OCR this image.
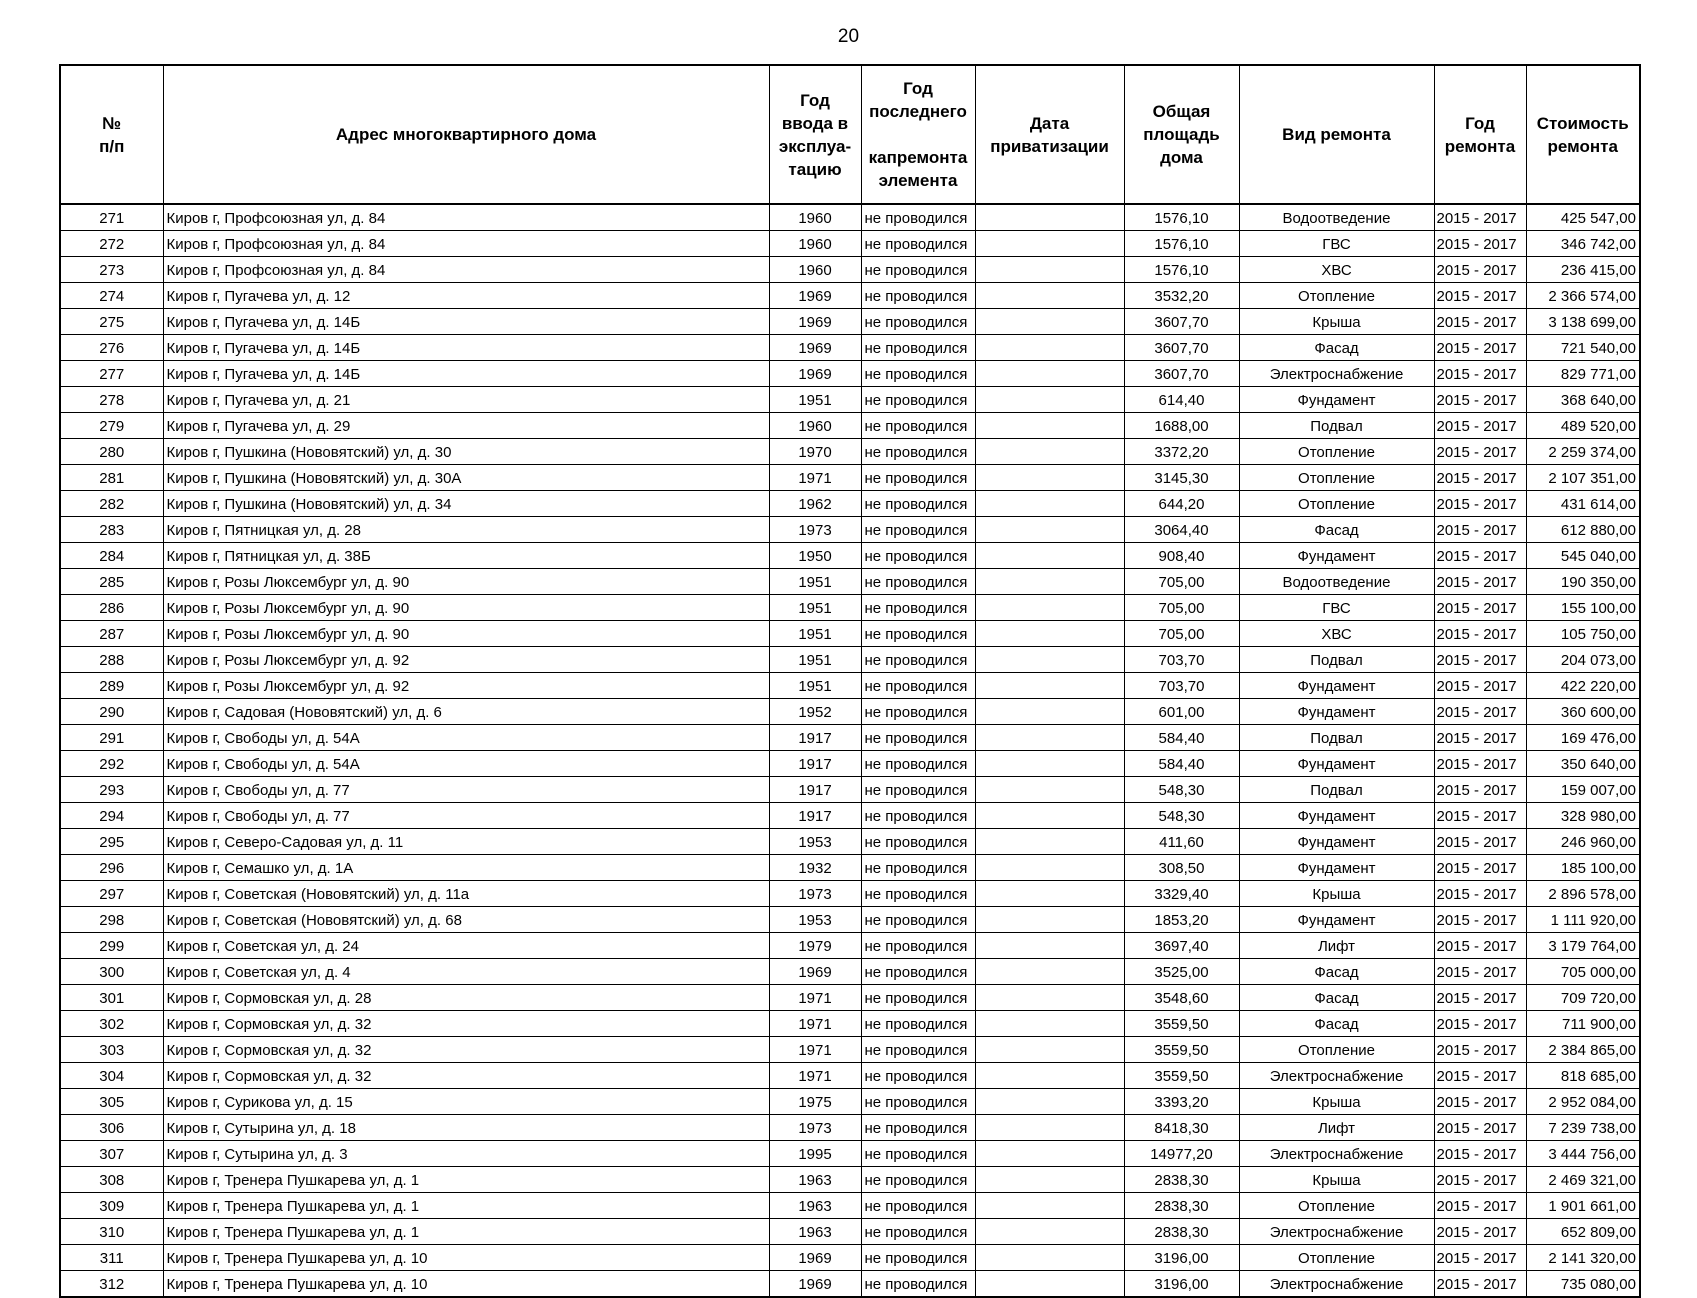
20
№
п/п	Адрес многоквартирного дома	Год
ввода в
эксплуа-
тацию	Год
последнего
капремонта
элемента	Дата
приватизации	Общая
площадь
дома	Вид ремонта	Год
ремонта	Стоимость
ремонта

271	Киров г, Профсоюзная ул, д. 84	1960	не проводился		1576,10	Водоотведение	2015 - 2017	425 547,00
272	Киров г, Профсоюзная ул, д. 84	1960	не проводился		1576,10	ГВС	2015 - 2017	346 742,00
273	Киров г, Профсоюзная ул, д. 84	1960	не проводился		1576,10	ХВС	2015 - 2017	236 415,00
274	Киров г, Пугачева ул, д. 12	1969	не проводился		3532,20	Отопление	2015 - 2017	2 366 574,00
275	Киров г, Пугачева ул, д. 14Б	1969	не проводился		3607,70	Крыша	2015 - 2017	3 138 699,00
276	Киров г, Пугачева ул, д. 14Б	1969	не проводился		3607,70	Фасад	2015 - 2017	721 540,00
277	Киров г, Пугачева ул, д. 14Б	1969	не проводился		3607,70	Электроснабжение	2015 - 2017	829 771,00
278	Киров г, Пугачева ул, д. 21	1951	не проводился		614,40	Фундамент	2015 - 2017	368 640,00
279	Киров г, Пугачева ул, д. 29	1960	не проводился		1688,00	Подвал	2015 - 2017	489 520,00
280	Киров г, Пушкина (Нововятский) ул, д. 30	1970	не проводился		3372,20	Отопление	2015 - 2017	2 259 374,00
281	Киров г, Пушкина (Нововятский) ул, д. 30А	1971	не проводился		3145,30	Отопление	2015 - 2017	2 107 351,00
282	Киров г, Пушкина (Нововятский) ул, д. 34	1962	не проводился		644,20	Отопление	2015 - 2017	431 614,00
283	Киров г, Пятницкая ул, д. 28	1973	не проводился		3064,40	Фасад	2015 - 2017	612 880,00
284	Киров г, Пятницкая ул, д. 38Б	1950	не проводился		908,40	Фундамент	2015 - 2017	545 040,00
285	Киров г, Розы Люксембург ул, д. 90	1951	не проводился		705,00	Водоотведение	2015 - 2017	190 350,00
286	Киров г, Розы Люксембург ул, д. 90	1951	не проводился		705,00	ГВС	2015 - 2017	155 100,00
287	Киров г, Розы Люксембург ул, д. 90	1951	не проводился		705,00	ХВС	2015 - 2017	105 750,00
288	Киров г, Розы Люксембург ул, д. 92	1951	не проводился		703,70	Подвал	2015 - 2017	204 073,00
289	Киров г, Розы Люксембург ул, д. 92	1951	не проводился		703,70	Фундамент	2015 - 2017	422 220,00
290	Киров г, Садовая (Нововятский) ул, д. 6	1952	не проводился		601,00	Фундамент	2015 - 2017	360 600,00
291	Киров г, Свободы ул, д. 54А	1917	не проводился		584,40	Подвал	2015 - 2017	169 476,00
292	Киров г, Свободы ул, д. 54А	1917	не проводился		584,40	Фундамент	2015 - 2017	350 640,00
293	Киров г, Свободы ул, д. 77	1917	не проводился		548,30	Подвал	2015 - 2017	159 007,00
294	Киров г, Свободы ул, д. 77	1917	не проводился		548,30	Фундамент	2015 - 2017	328 980,00
295	Киров г, Северо-Садовая ул, д. 11	1953	не проводился		411,60	Фундамент	2015 - 2017	246 960,00
296	Киров г, Семашко ул, д. 1А	1932	не проводился		308,50	Фундамент	2015 - 2017	185 100,00
297	Киров г, Советская (Нововятский) ул, д. 11а	1973	не проводился		3329,40	Крыша	2015 - 2017	2 896 578,00
298	Киров г, Советская (Нововятский) ул, д. 68	1953	не проводился		1853,20	Фундамент	2015 - 2017	1 111 920,00
299	Киров г, Советская ул, д. 24	1979	не проводился		3697,40	Лифт	2015 - 2017	3 179 764,00
300	Киров г, Советская ул, д. 4	1969	не проводился		3525,00	Фасад	2015 - 2017	705 000,00
301	Киров г, Сормовская ул, д. 28	1971	не проводился		3548,60	Фасад	2015 - 2017	709 720,00
302	Киров г, Сормовская ул, д. 32	1971	не проводился		3559,50	Фасад	2015 - 2017	711 900,00
303	Киров г, Сормовская ул, д. 32	1971	не проводился		3559,50	Отопление	2015 - 2017	2 384 865,00
304	Киров г, Сормовская ул, д. 32	1971	не проводился		3559,50	Электроснабжение	2015 - 2017	818 685,00
305	Киров г, Сурикова ул, д. 15	1975	не проводился		3393,20	Крыша	2015 - 2017	2 952 084,00
306	Киров г, Сутырина ул, д. 18	1973	не проводился		8418,30	Лифт	2015 - 2017	7 239 738,00
307	Киров г, Сутырина ул, д. 3	1995	не проводился		14977,20	Электроснабжение	2015 - 2017	3 444 756,00
308	Киров г, Тренера Пушкарева ул, д. 1	1963	не проводился		2838,30	Крыша	2015 - 2017	2 469 321,00
309	Киров г, Тренера Пушкарева ул, д. 1	1963	не проводился		2838,30	Отопление	2015 - 2017	1 901 661,00
310	Киров г, Тренера Пушкарева ул, д. 1	1963	не проводился		2838,30	Электроснабжение	2015 - 2017	652 809,00
311	Киров г, Тренера Пушкарева ул, д. 10	1969	не проводился		3196,00	Отопление	2015 - 2017	2 141 320,00
312	Киров г, Тренера Пушкарева ул, д. 10	1969	не проводился		3196,00	Электроснабжение	2015 - 2017	735 080,00
